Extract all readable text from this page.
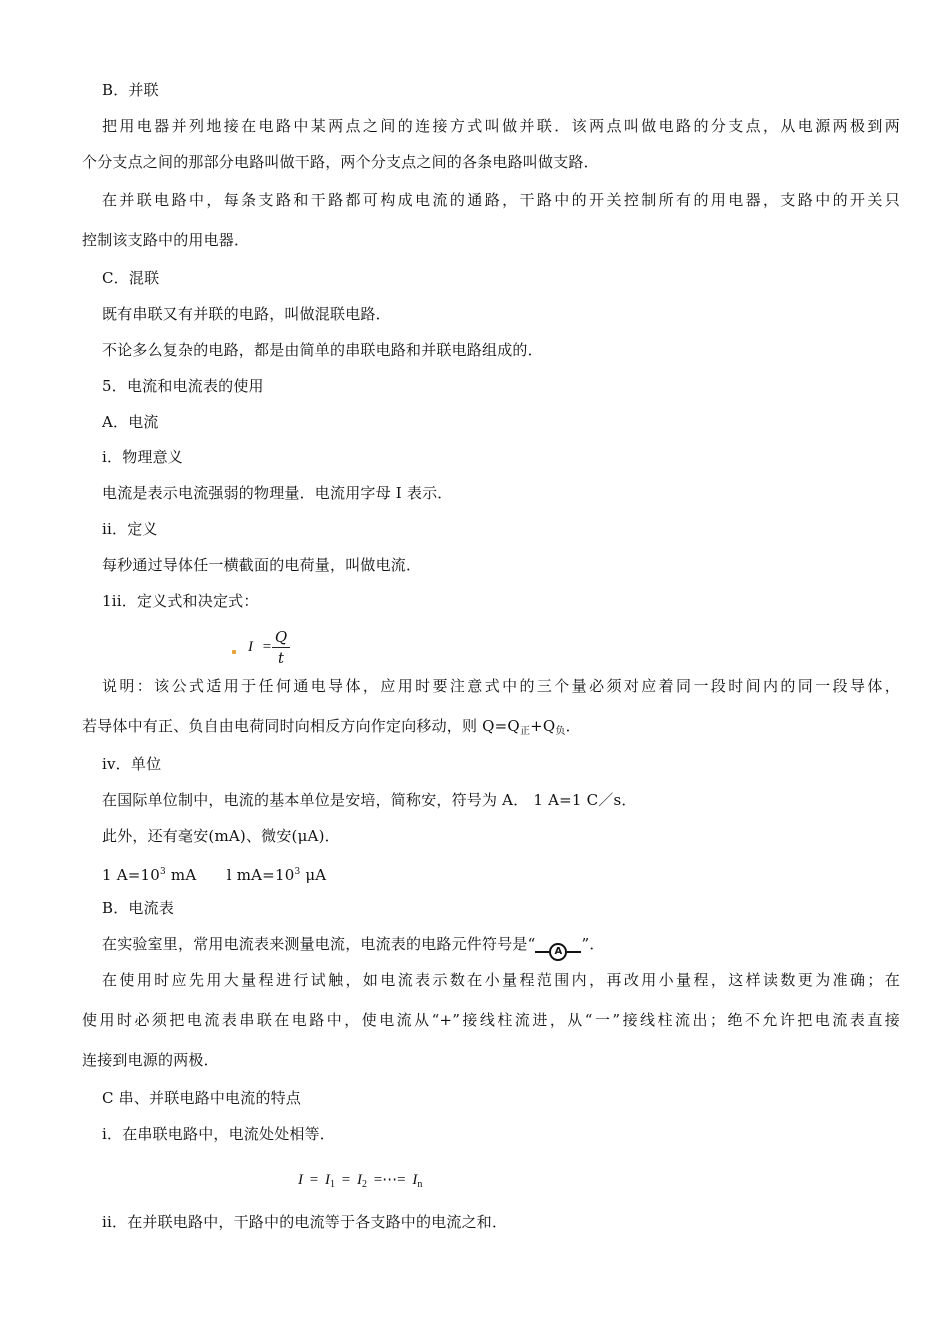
B．并联
把用电器并列地接在电路中某两点之间的连接方式叫做并联．该两点叫做电路的分支点，从电源两极到两
个分支点之间的那部分电路叫做干路，两个分支点之间的各条电路叫做支路．
在并联电路中，每条支路和干路都可构成电流的通路，干路中的开关控制所有的用电器，支路中的开关只
控制该支路中的用电器．
C．混联
既有串联又有并联的电路，叫做混联电路．
不论多么复杂的电路，都是由简单的串联电路和并联电路组成的．
5．电流和电流表的使用
A．电流
i．物理意义
电流是表示电流强弱的物理量．电流用字母 I 表示．
ii．定义
每秒通过导体任一横截面的电荷量，叫做电流．
1ii．定义式和决定式：
I =
Q
t
说明：该公式适用于任何通电导体，应用时要注意式中的三个量必须对应着同一段时间内的同一段导体，
若导体中有正、负自由电荷同时向相反方向作定向移动，则 $Q=Q_正+Q_负$．
iv．单位
在国际单位制中，电流的基本单位是安培，简称安，符号为 A． 1 A=1 C／s．
此外，还有毫安(mA)、微安(μA)．
1 $A=10^3$ mA　　l $mA=10^3$ μA
B．电流表
在实验室里，常用电流表来测量电流，电流表的电路元件符号是“	A	”．
在使用时应先用大量程进行试触，如电流表示数在小量程范围内，再改用小量程，这样读数更为准确；在
使用时必须把电流表串联在电路中，使电流从“+”接线柱流进，从“一”接线柱流出；绝不允许把电流表直接
连接到电源的两极．
C 串、并联电路中电流的特点
i．在串联电路中，电流处处相等．
$I = I_1 = I_2$ =⋯= $I_n$
ii．在并联电路中，干路中的电流等于各支路中的电流之和．
